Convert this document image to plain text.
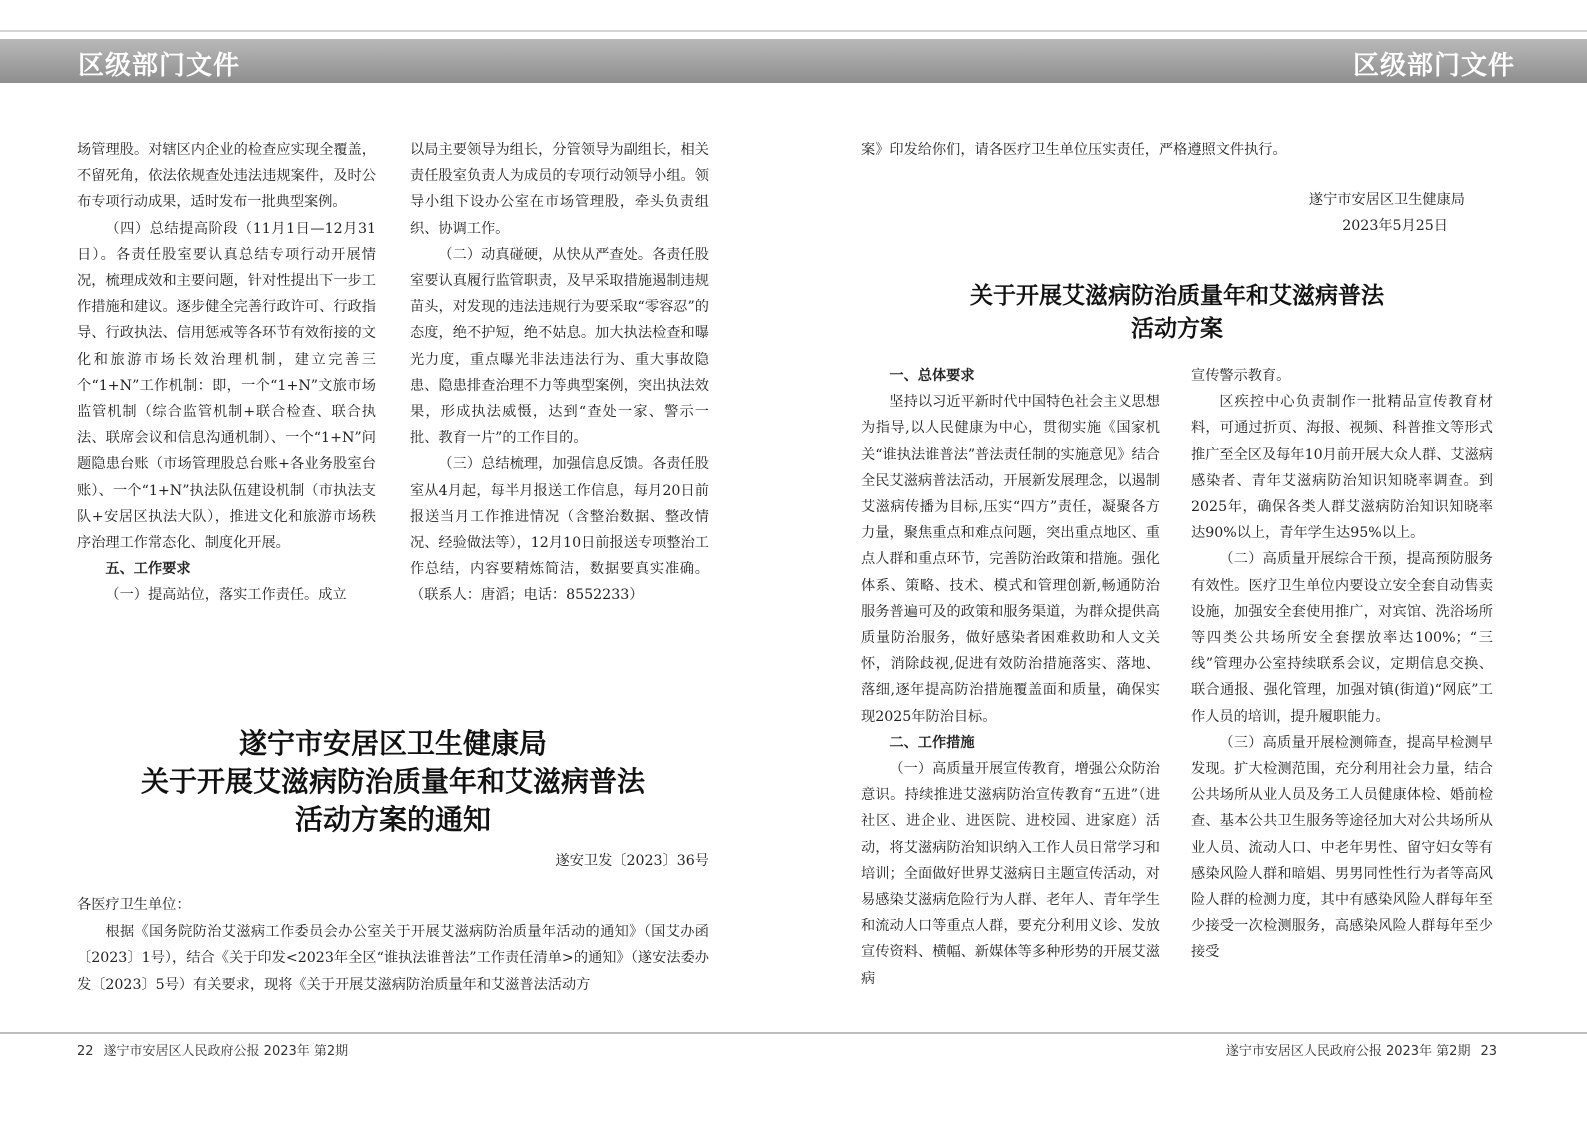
区级部门文件	区级部门文件

场管理股。对辖区内企业的检查应实现全覆盖，不留死角，依法依规查处违法违规案件，及时公布专项行动成果，适时发布一批典型案例。

（四）总结提高阶段（11月1日—12月31日）。各责任股室要认真总结专项行动开展情况，梳理成效和主要问题，针对性提出下一步工作措施和建议。逐步健全完善行政许可、行政指导、行政执法、信用惩戒等各环节有效衔接的文化和旅游市场长效治理机制，建立完善三个“1+N”工作机制：即，一个“1+N”文旅市场监管机制（综合监管机制+联合检查、联合执法、联席会议和信息沟通机制）、一个“1+N”问题隐患台账（市场管理股总台账+各业务股室台账）、一个“1+N”执法队伍建设机制（市执法支队+安居区执法大队），推进文化和旅游市场秩序治理工作常态化、制度化开展。

五、工作要求

（一）提高站位，落实工作责任。成立

以局主要领导为组长，分管领导为副组长，相关责任股室负责人为成员的专项行动领导小组。领导小组下设办公室在市场管理股，牵头负责组织、协调工作。

（二）动真碰硬，从快从严查处。各责任股室要认真履行监管职责，及早采取措施遏制违规苗头，对发现的违法违规行为要采取“零容忍”的态度，绝不护短，绝不姑息。加大执法检查和曝光力度，重点曝光非法违法行为、重大事故隐患、隐患排查治理不力等典型案例，突出执法效果，形成执法威慑，达到“查处一家、警示一批、教育一片”的工作目的。

（三）总结梳理，加强信息反馈。各责任股室从4月起，每半月报送工作信息，每月20日前报送当月工作推进情况（含整治数据、整改情况、经验做法等），12月10日前报送专项整治工作总结，内容要精炼简洁，数据要真实准确。（联系人：唐滔；电话：8552233）

遂宁市安居区卫生健康局
关于开展艾滋病防治质量年和艾滋病普法
活动方案的通知
遂安卫发〔2023〕36号

各医疗卫生单位：

根据《国务院防治艾滋病工作委员会办公室关于开展艾滋病防治质量年活动的通知》（国艾办函〔2023〕1号），结合《关于印发<2023年全区“谁执法谁普法”工作责任清单>的通知》（遂安法委办发〔2023〕5号）有关要求，现将《关于开展艾滋病防治质量年和艾滋普法活动方

案》印发给你们，请各医疗卫生单位压实责任，严格遵照文件执行。
遂宁市安居区卫生健康局
2023年5月25日
关于开展艾滋病防治质量年和艾滋病普法
活动方案

一、总体要求

坚持以习近平新时代中国特色社会主义思想为指导,以人民健康为中心，贯彻实施《国家机关“谁执法谁普法”普法责任制的实施意见》结合全民艾滋病普法活动，开展新发展理念，以遏制艾滋病传播为目标,压实“四方”责任，凝聚各方力量，聚焦重点和难点问题，突出重点地区、重点人群和重点环节，完善防治政策和措施。强化体系、策略、技术、模式和管理创新,畅通防治服务普遍可及的政策和服务渠道，为群众提供高质量防治服务，做好感染者困难救助和人文关怀，消除歧视,促进有效防治措施落实、落地、落细,逐年提高防治措施覆盖面和质量，确保实现2025年防治目标。

二、工作措施

（一）高质量开展宣传教育，增强公众防治意识。持续推进艾滋病防治宣传教育“五进”（进社区、进企业、进医院、进校园、进家庭）活动，将艾滋病防治知识纳入工作人员日常学习和培训；全面做好世界艾滋病日主题宣传活动，对易感染艾滋病危险行为人群、老年人、青年学生和流动人口等重点人群，要充分利用义诊、发放宣传资料、横幅、新媒体等多种形势的开展艾滋病

宣传警示教育。

区疾控中心负责制作一批精品宣传教育材料，可通过折页、海报、视频、科普推文等形式推广至全区及每年10月前开展大众人群、艾滋病感染者、青年艾滋病防治知识知晓率调查。到2025年，确保各类人群艾滋病防治知识知晓率达90%以上，青年学生达95%以上。

（二）高质量开展综合干预，提高预防服务有效性。医疗卫生单位内要设立安全套自动售卖设施，加强安全套使用推广，对宾馆、洗浴场所等四类公共场所安全套摆放率达100%；“三线”管理办公室持续联系会议，定期信息交换、联合通报、强化管理，加强对镇(街道)“网底”工作人员的培训，提升履职能力。

（三）高质量开展检测筛查，提高早检测早发现。扩大检测范围，充分利用社会力量，结合公共场所从业人员及务工人员健康体检、婚前检查、基本公共卫生服务等途径加大对公共场所从业人员、流动人口、中老年男性、留守妇女等有感染风险人群和暗娼、男男同性性行为者等高风险人群的检测力度，其中有感染风险人群每年至少接受一次检测服务，高感染风险人群每年至少接受

22 遂宁市安居区人民政府公报 2023年 第2期	遂宁市安居区人民政府公报 2023年 第2期 23
